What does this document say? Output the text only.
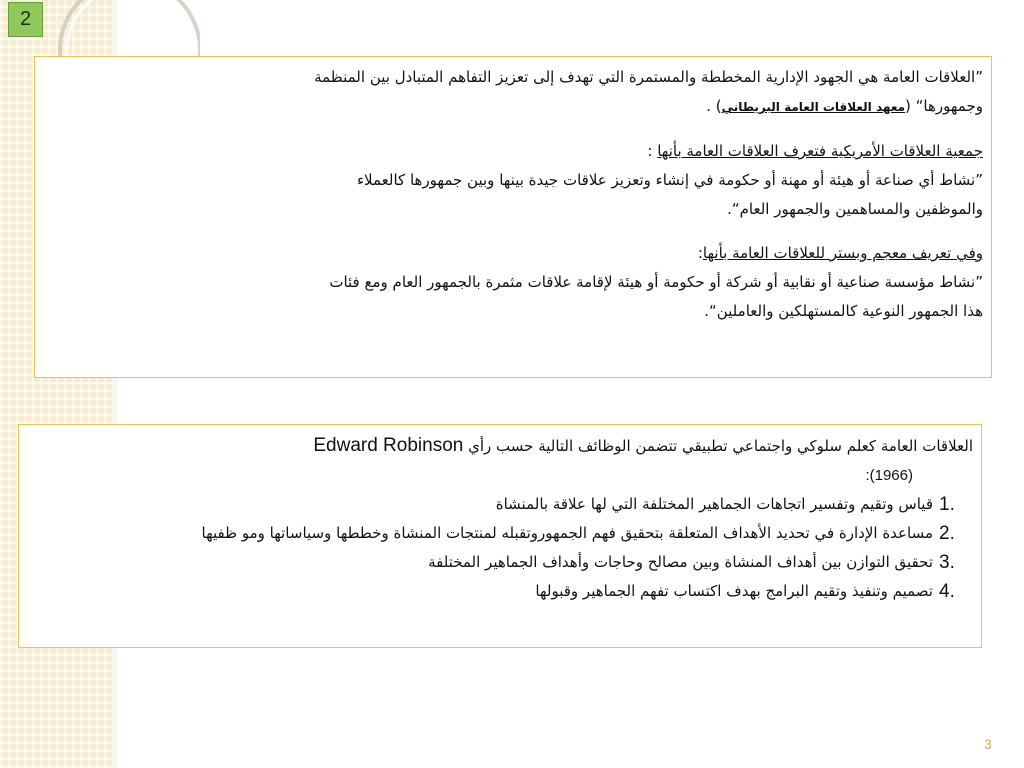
2

”العلاقات العامة هي الجهود الإدارية المخططة والمستمرة التي تهدف إلى تعزيز التفاهم المتبادل بين المنظمة

وجمهورها“ (معهد العلاقات العامة البريطاني) .

جمعية العلاقات الأمريكية فتعرف العلاقات العامة بأنها :

”نشاط أي صناعة أو هيئة أو مهنة أو حكومة في إنشاء وتعزيز علاقات جيدة بينها وبين جمهورها كالعملاء

والموظفين والمساهمين والجمهور العام“.

وفي تعريف معجم وبستر للعلاقات العامة بأنها:

”نشاط مؤسسة صناعية أو نقابية أو شركة أو حكومة أو هيئة لإقامة علاقات مثمرة بالجمهور العام ومع فئات

هذا الجمهور النوعية كالمستهلكين والعاملين“.

العلاقات العامة كعلم سلوكي واجتماعي تطبيقي تتضمن الوظائف التالية حسب رأي Edward Robinson

(1966):

1.
قياس وتقيم وتفسير اتجاهات الجماهير المختلفة التي لها علاقة بالمنشاة
2.
مساعدة الإدارة في تحديد الأهداف المتعلقة بتحقيق فهم الجمهوروتقبله لمنتجات المنشاة وخططها وسياساتها ومو ظفيها
3.
تحقيق التوازن بين أهداف المنشاة وبين مصالح وحاجات وأهداف الجماهير المختلفة
4.
تصميم وتنفيذ وتقيم البرامج بهدف اكتساب تفهم الجماهير وقبولها
3
